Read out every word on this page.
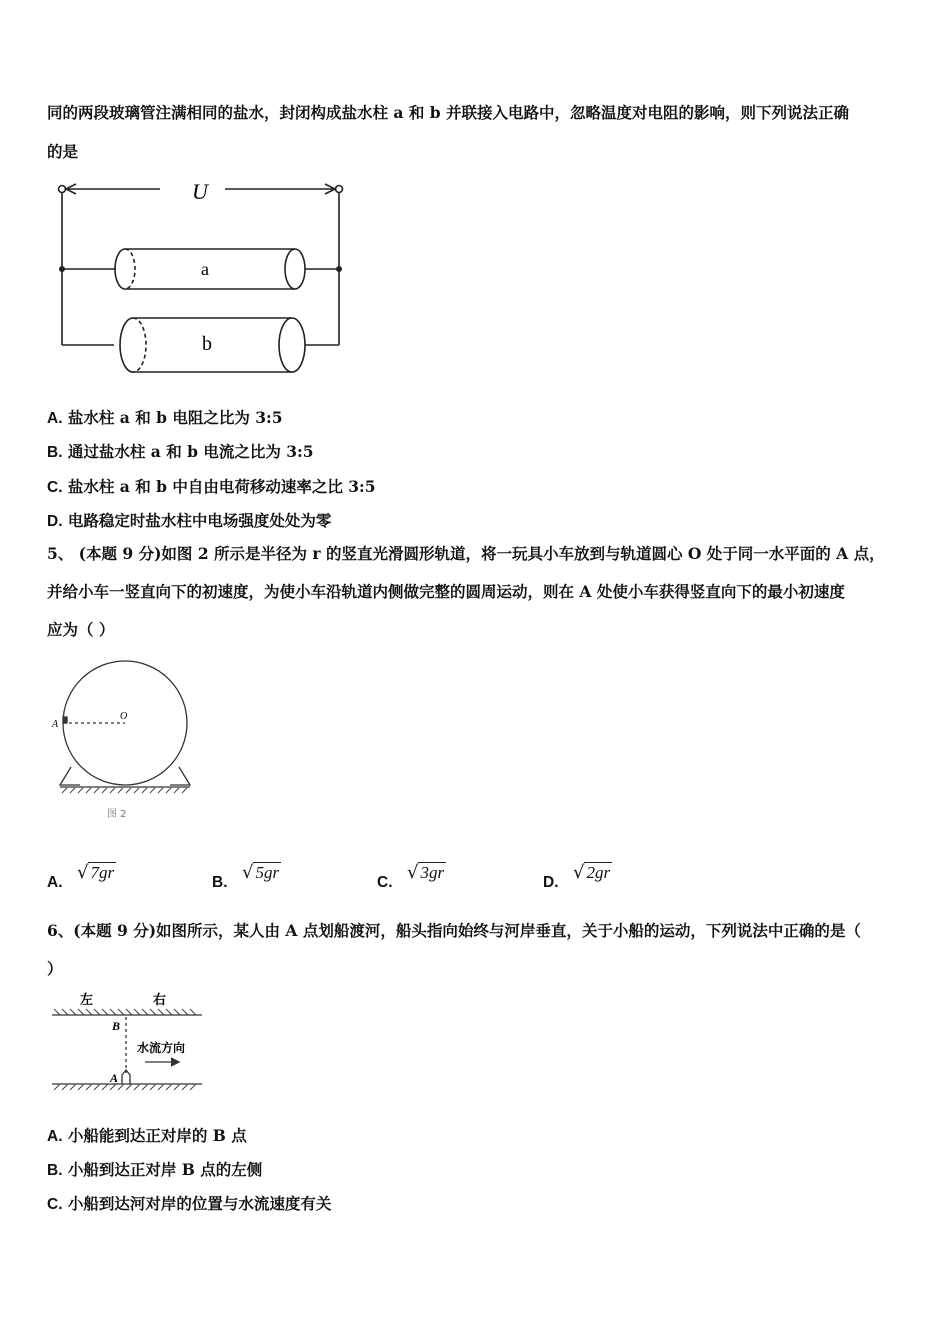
同的两段玻璃管注满相同的盐水，封闭构成盐水柱 a 和 b 并联接入电路中，忽略温度对电阻的影响，则下列说法正确
的是
U
a
b
A. 盐水柱 a 和 b 电阻之比为 3:5
B. 通过盐水柱 a 和 b 电流之比为 3:5
C. 盐水柱 a 和 b 中自由电荷移动速率之比 3:5
D. 电路稳定时盐水柱中电场强度处处为零
5、 (本题 9 分)如图 2 所示是半径为 r 的竖直光滑圆形轨道，将一玩具小车放到与轨道圆心 O 处于同一水平面的 A 点，
并给小车一竖直向下的初速度，为使小车沿轨道内侧做完整的圆周运动，则在 A 处使小车获得竖直向下的最小初速度
应为（ ）
A
O
图 2
A. √ 7gr
B. √ 5gr
C. √ 3gr
D. √ 2gr
6、(本题 9 分)如图所示，某人由 A 点划船渡河，船头指向始终与河岸垂直，关于小船的运动，下列说法中正确的是（
）
左	右
B
A
水流方向
A. 小船能到达正对岸的 B 点
B. 小船到达正对岸 B 点的左侧
C. 小船到达河对岸的位置与水流速度有关
